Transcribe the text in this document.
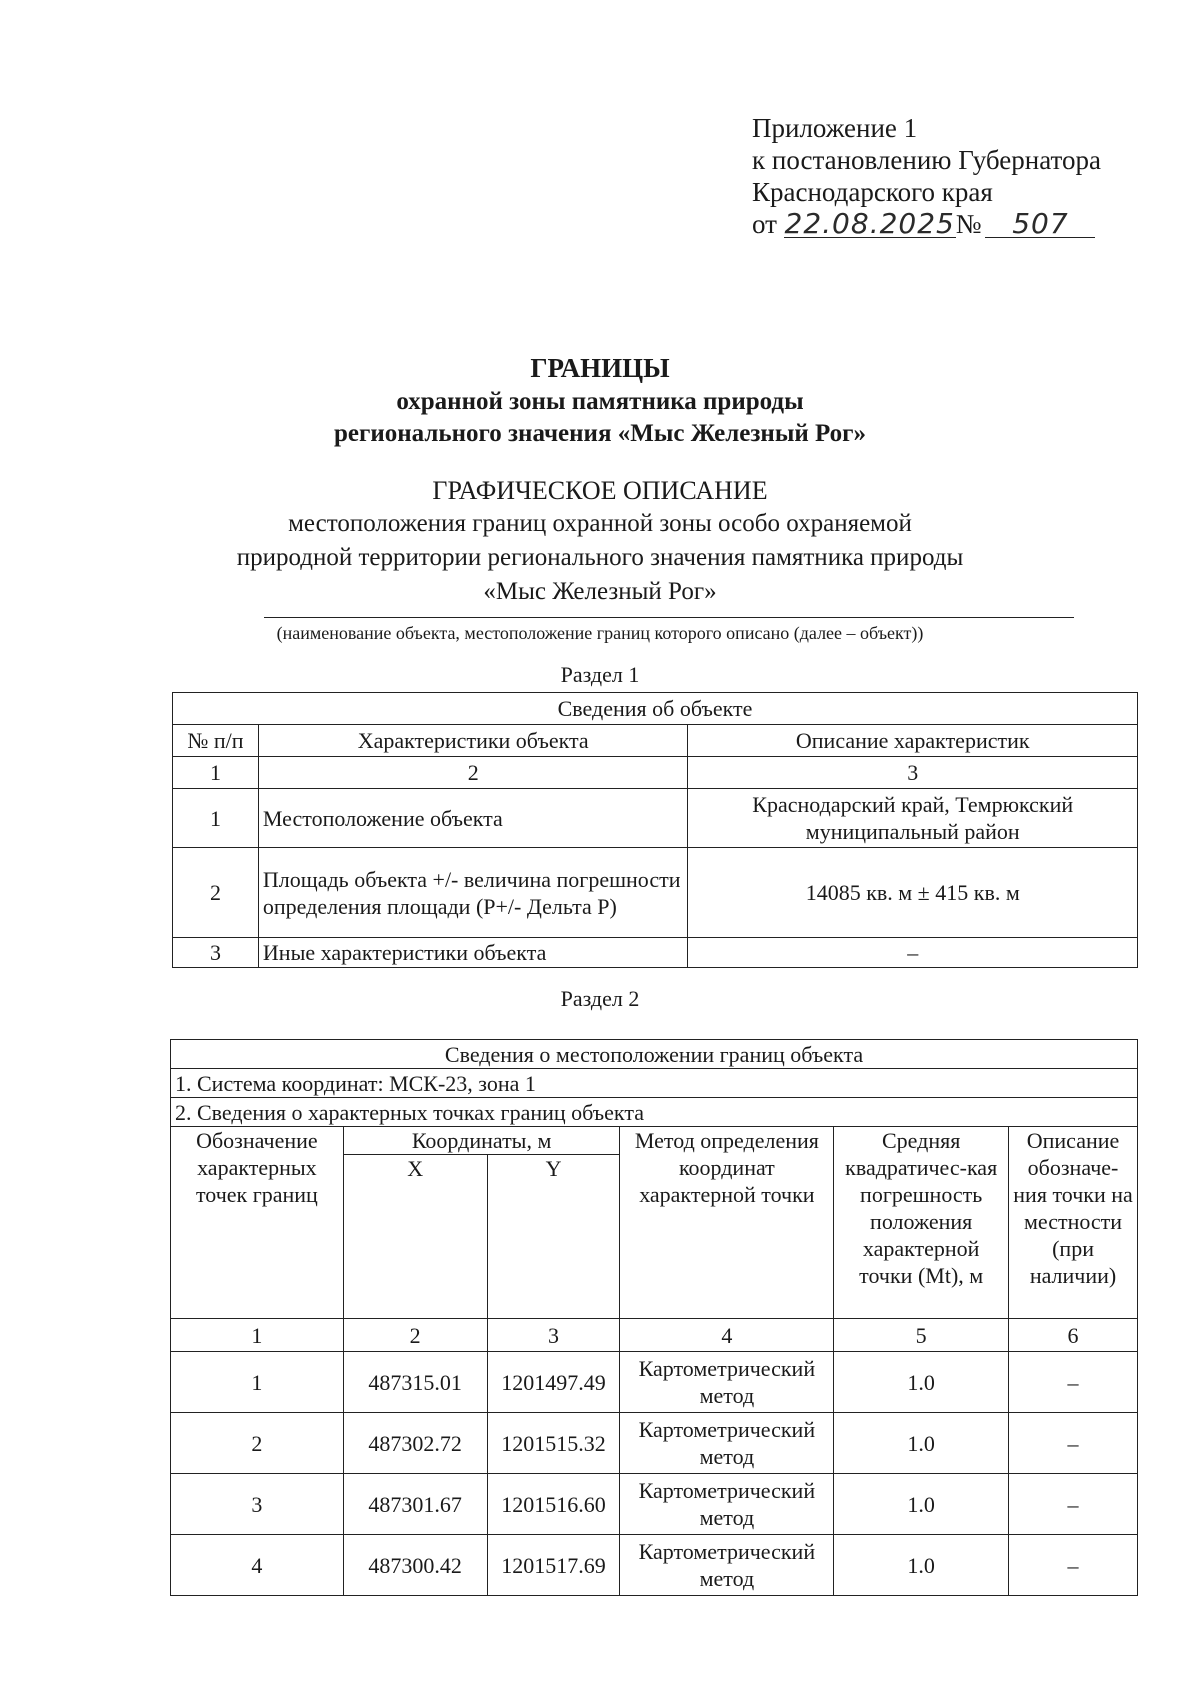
Приложение 1
к постановлению Губернатора
Краснодарского края
от 22.08.2025№ 507
ГРАНИЦЫ
охранной зоны памятника природы
регионального значения «Мыс Железный Рог»
ГРАФИЧЕСКОЕ ОПИСАНИЕ
местоположения границ охранной зоны особо охраняемой
природной территории регионального значения памятника природы
«Мыс Железный Рог»
(наименование объекта, местоположение границ которого описано (далее – объект))
Раздел 1
Сведения об объекте		
№ п/п	Характеристики объекта	Описание характеристик
1	2	3
1	Местоположение объекта	Краснодарский край, Темрюкский муниципальный район
2	Площадь объекта +/- величина погрешности определения площади (P+/- Дельта P)	14085 кв. м ± 415 кв. м
3	Иные характеристики объекта	–
Раздел 2
Сведения о местоположении границ объекта					
1. Система координат: МСК-23, зона 1					
2. Сведения о характерных точках границ объекта					
Обозначение характерных точек границ	Координаты, м		Метод определения координат характерной точки	Средняя квадратичес-кая погрешность положения характерной точки (Mt), м	Описание обозначе-ния точки на местности (при наличии)
	X	Y			
1	2	3	4	5	6
1	487315.01	1201497.49	Картометрический метод	1.0	–
2	487302.72	1201515.32	Картометрический метод	1.0	–
3	487301.67	1201516.60	Картометрический метод	1.0	–
4	487300.42	1201517.69	Картометрический метод	1.0	–
